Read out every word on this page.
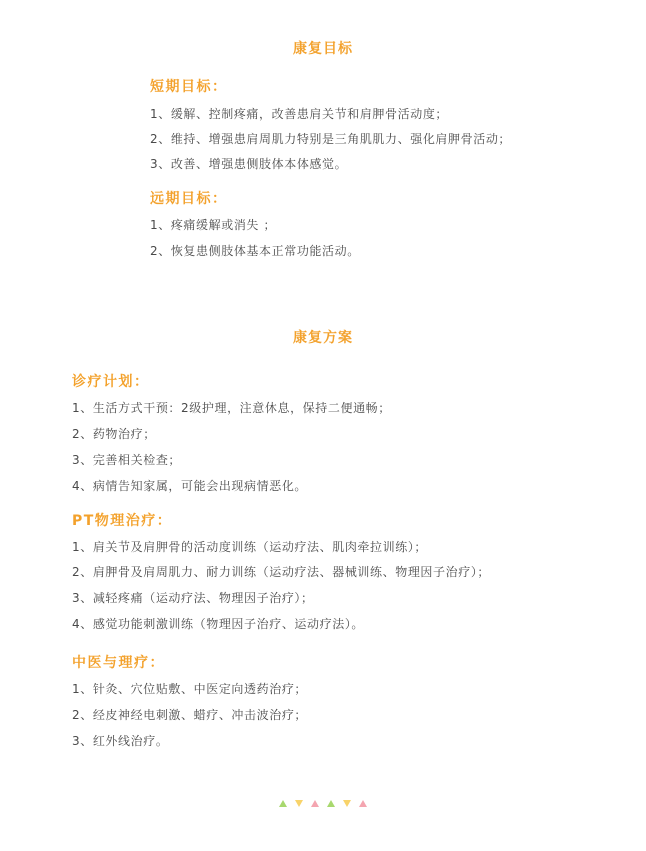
康复目标
短期目标：
1、缓解、控制疼痛，改善患肩关节和肩胛骨活动度；
2、维持、增强患肩周肌力特别是三角肌肌力、强化肩胛骨活动；
3、改善、增强患侧肢体本体感觉。
远期目标：
1、疼痛缓解或消失 ；
2、恢复患侧肢体基本正常功能活动。
康复方案
诊疗计划：
1、生活方式干预：2级护理，注意休息，保持二便通畅；
2、药物治疗；
3、完善相关检查；
4、病情告知家属，可能会出现病情恶化。
PT物理治疗：
1、肩关节及肩胛骨的活动度训练（运动疗法、肌肉牵拉训练）；
2、肩胛骨及肩周肌力、耐力训练（运动疗法、器械训练、物理因子治疗）；
3、减轻疼痛（运动疗法、物理因子治疗）；
4、感觉功能刺激训练（物理因子治疗、运动疗法）。
中医与理疗：
1、针灸、穴位贴敷、中医定向透药治疗；
2、经皮神经电刺激、蜡疗、冲击波治疗；
3、红外线治疗。
